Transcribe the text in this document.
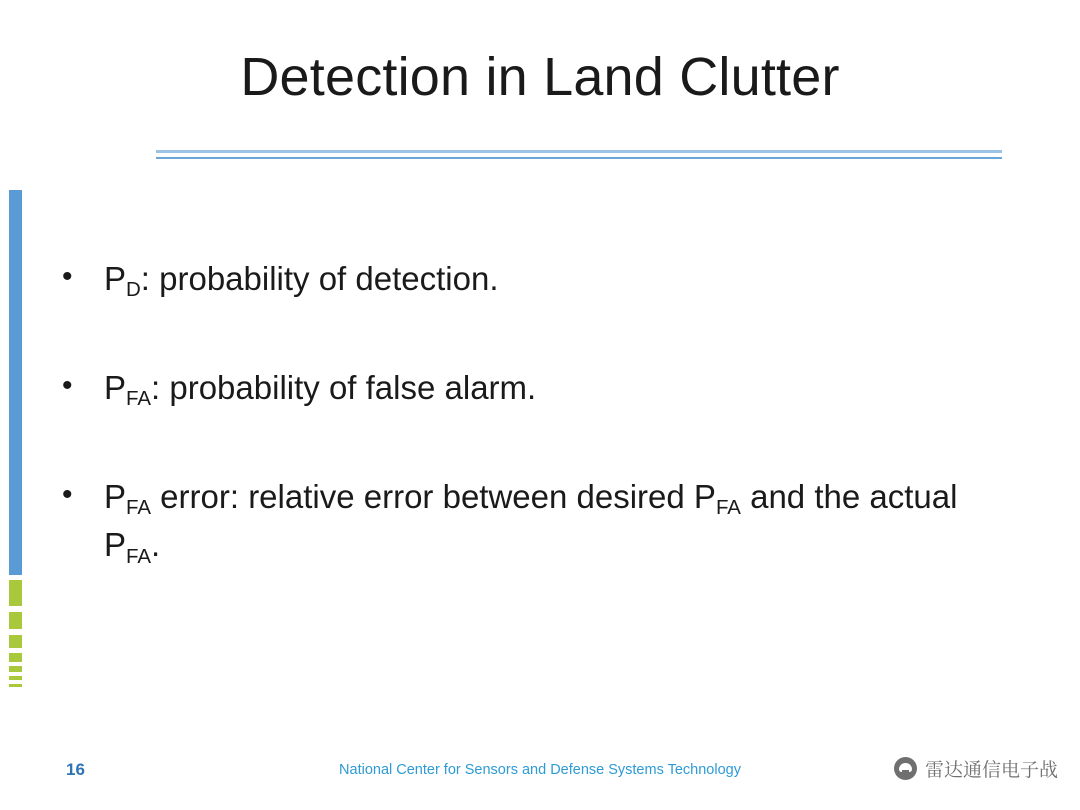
Detection in Land Clutter
• $P_D$: probability of detection.
• $P_{FA}$: probability of false alarm.
• $P_{FA}$ error: relative error between desired $P_{FA}$ and the actual $P_{FA}$.
16	National Center for Sensors and Defense Systems Technology	雷达通信电子战
